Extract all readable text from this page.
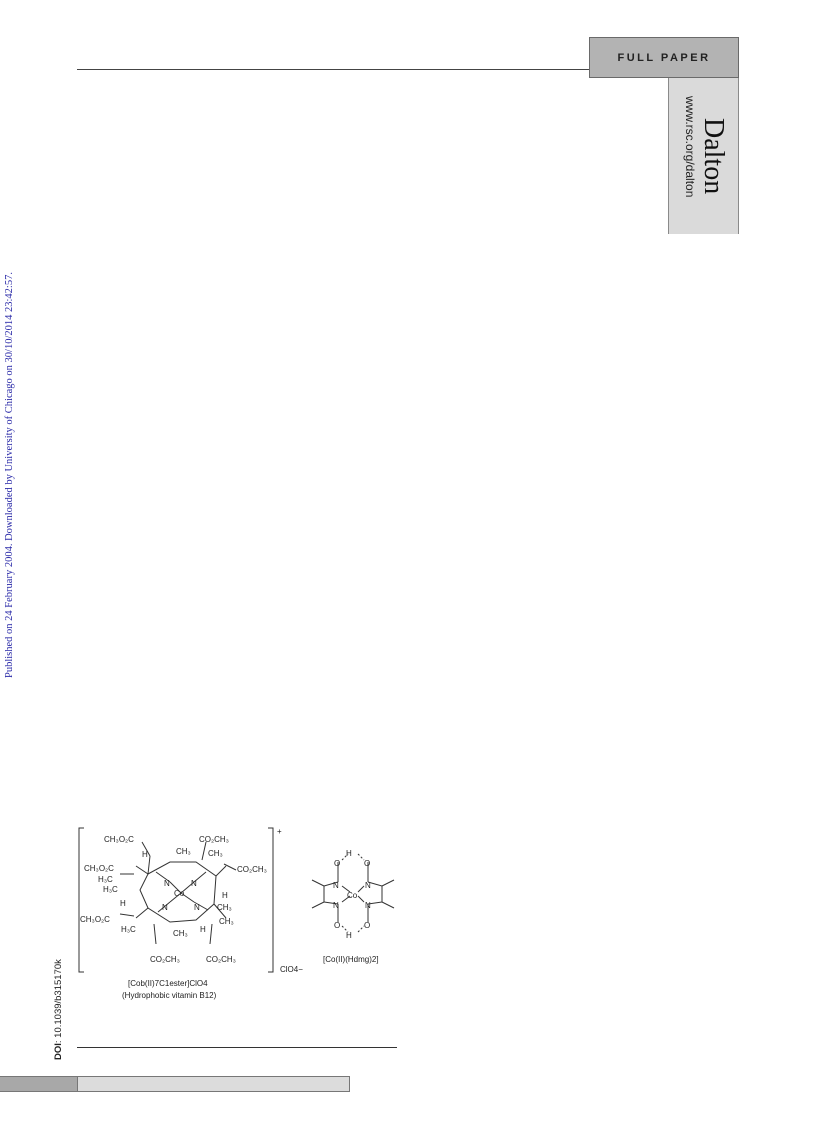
FULL PAPER
Dalton
www.rsc.org/dalton
Published on 24 February 2004. Downloaded by University of Chicago on 30/10/2014 23:42:57.
DOI: 10.1039/b315170k
+
CH₃O₂C	CO₂CH₃
CH₃ CH₃
CH₃O₂C	CO₂CH₃
H₃C
H₃C
N	N
Co
N	N
H
CH₃
CH₃
CH₃O₂C
H
H₃C	CH₃ H
H
CO₂CH₃	CO₂CH₃
ClO4−
[Cob(II)7C1ester]ClO4
(Hydrophobic vitamin B12)
H
O	O
N	N
Co
N	N
O	O
H
[Co(II)(Hdmg)2]
